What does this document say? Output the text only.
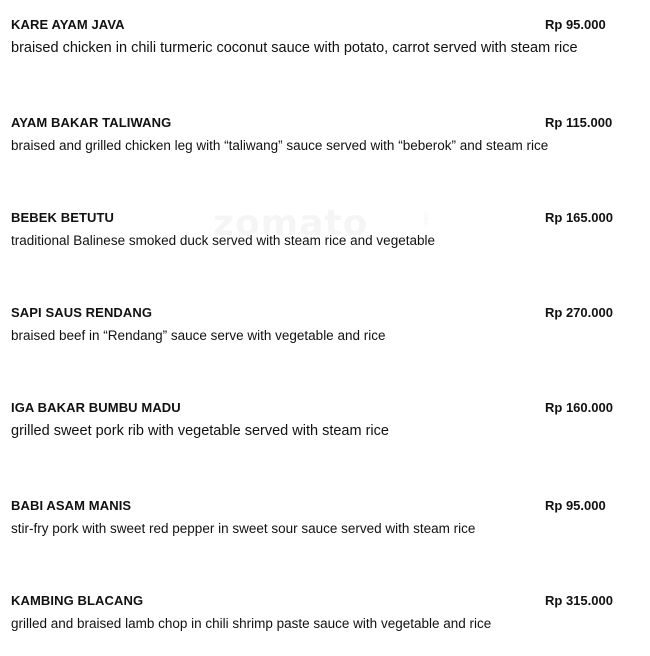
.com
KARE AYAM JAVA	Rp 95.000
braised chicken in chili turmeric coconut sauce with potato, carrot served with steam rice
AYAM BAKAR TALIWANG	Rp 115.000
braised and grilled chicken leg with “taliwang” sauce served with “beberok” and steam rice
BEBEK BETUTU	Rp 165.000
traditional Balinese smoked duck served with steam rice and vegetable
SAPI SAUS RENDANG	Rp 270.000
braised beef in “Rendang” sauce serve with vegetable and rice
IGA BAKAR BUMBU MADU	Rp 160.000
grilled sweet pork rib with vegetable served with steam rice
BABI ASAM MANIS	Rp 95.000
stir-fry pork with sweet red pepper in sweet sour sauce served with steam rice
KAMBING BLACANG	Rp 315.000
grilled and braised lamb chop in chili shrimp paste sauce with vegetable and rice
